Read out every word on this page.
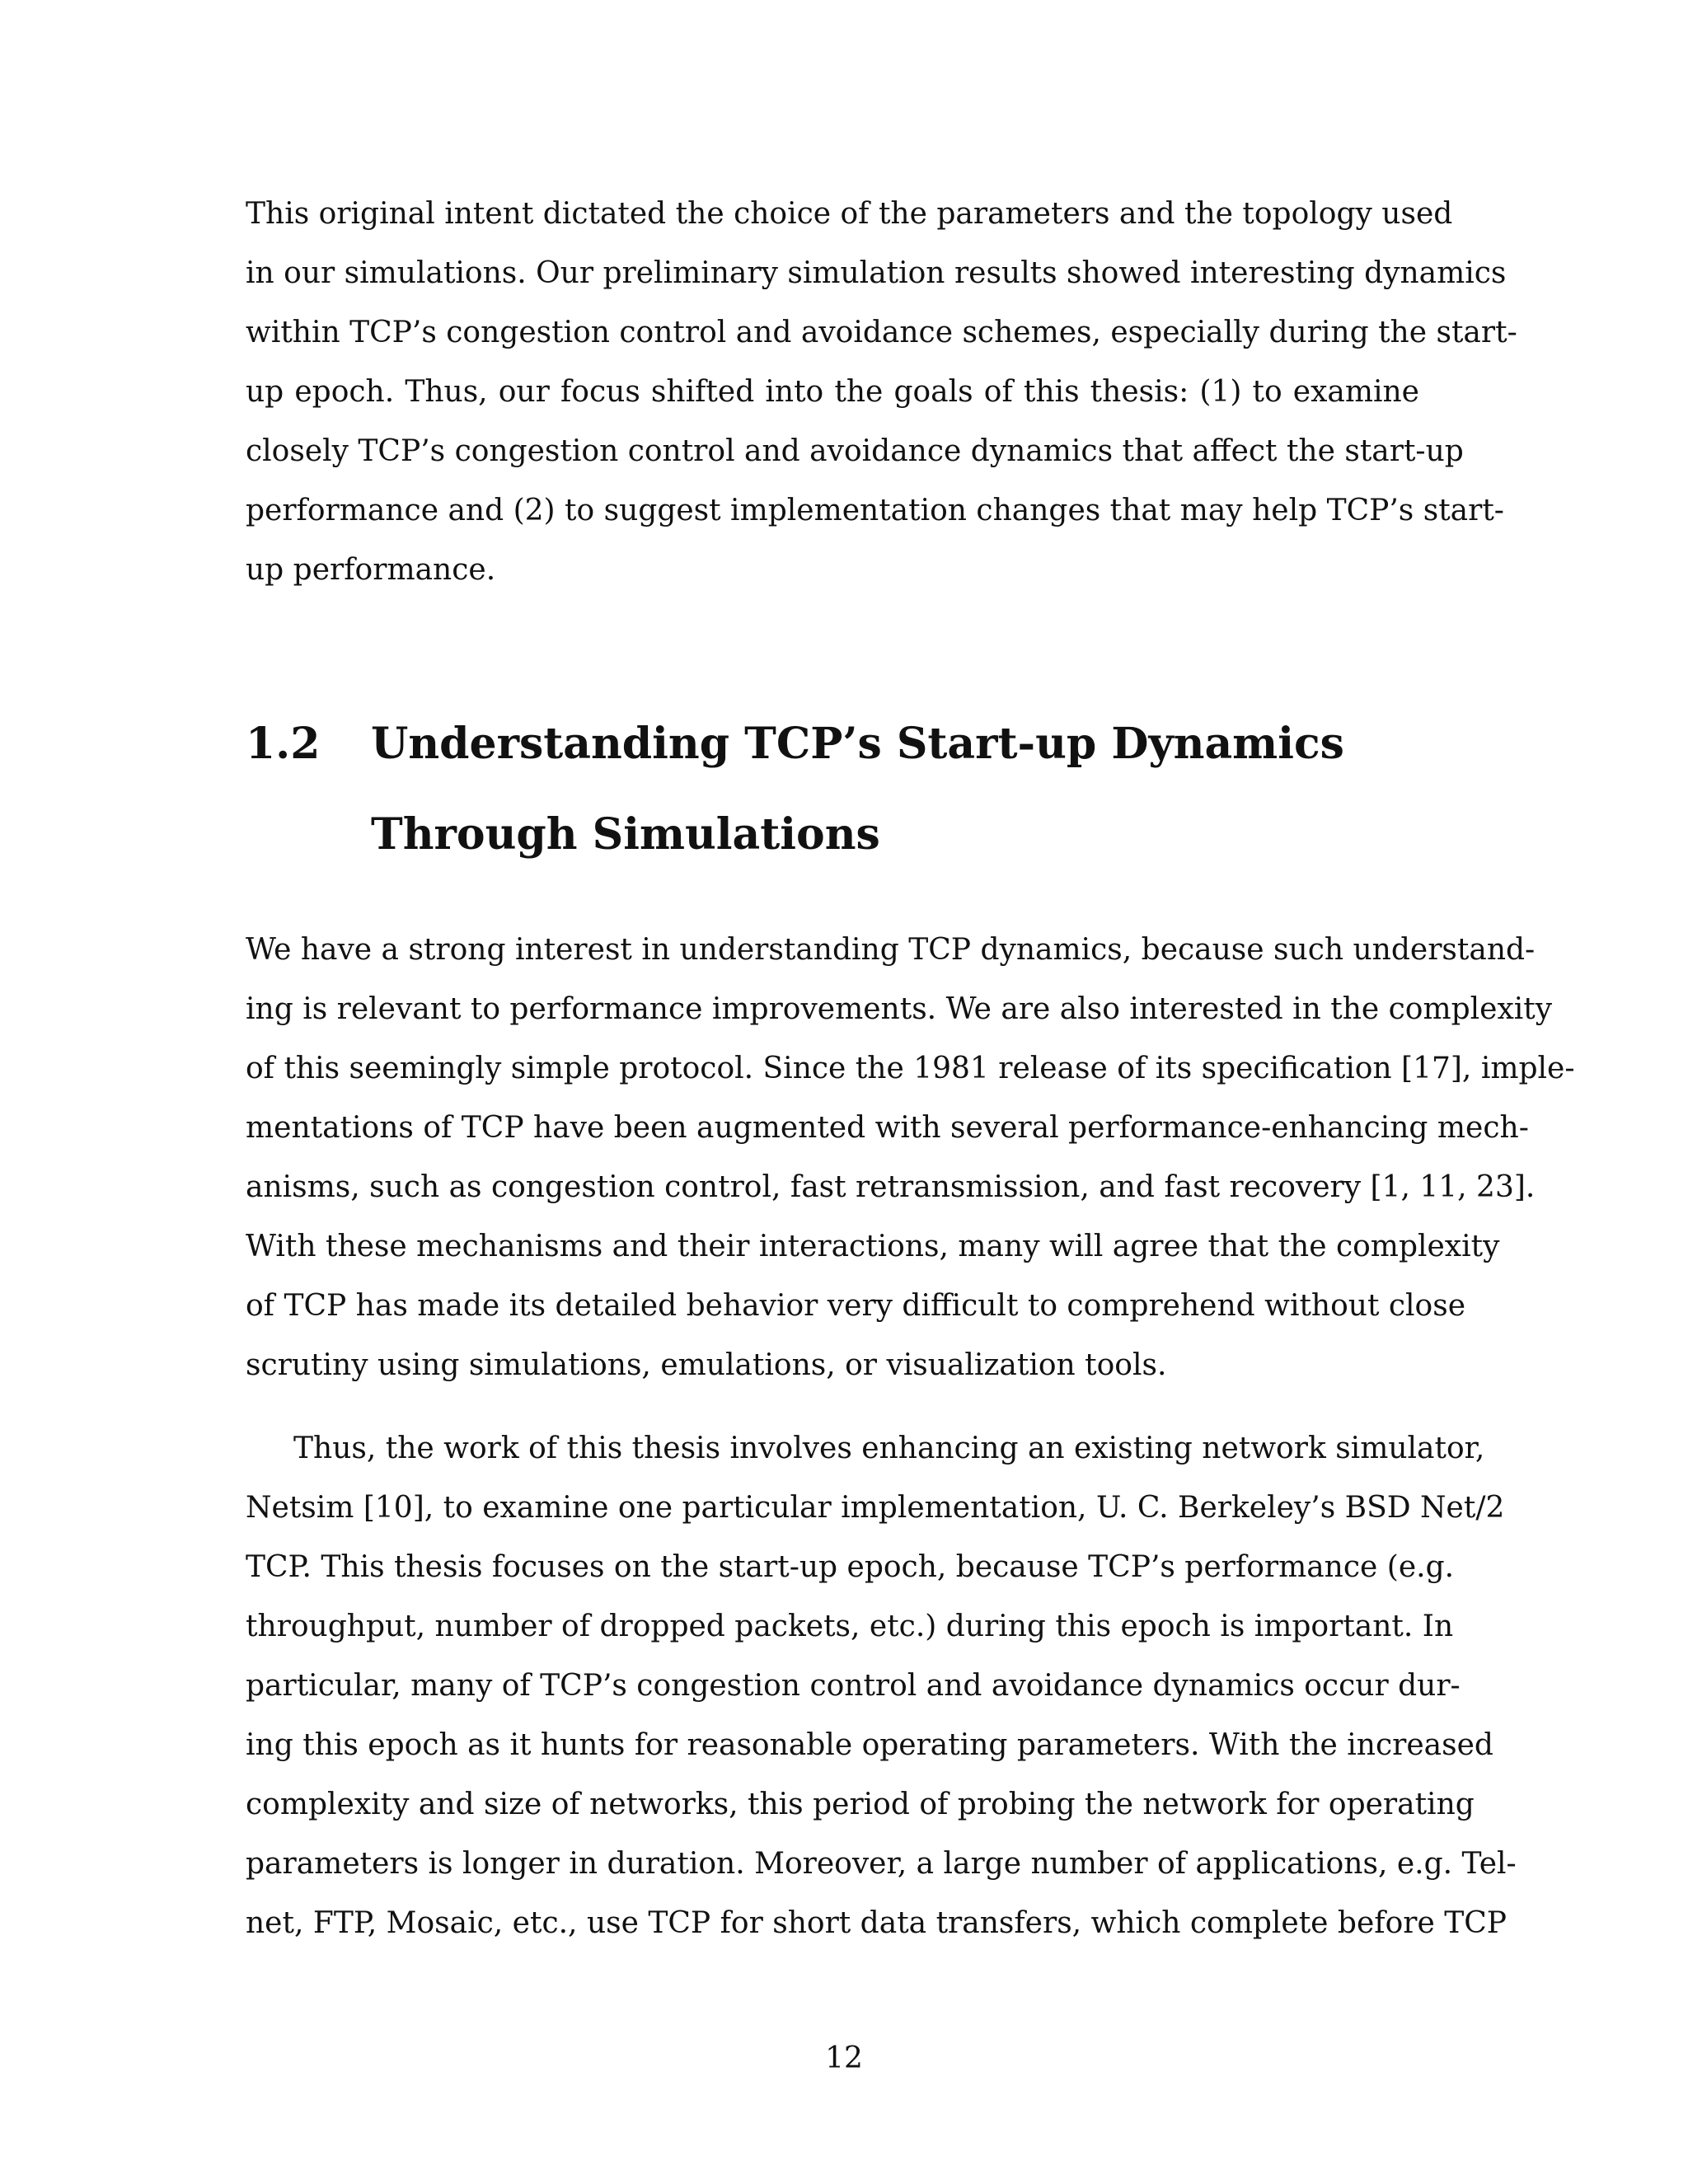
This original intent dictated the choice of the parameters and the topology used
in our simulations. Our preliminary simulation results showed interesting dynamics
within TCP’s congestion control and avoidance schemes, especially during the start-
up epoch. Thus, our focus shifted into the goals of this thesis: (1) to examine
closely TCP’s congestion control and avoidance dynamics that affect the start-up
performance and (2) to suggest implementation changes that may help TCP’s start-
up performance.
1.2	Understanding TCP’s Start-up Dynamics
Through Simulations
We have a strong interest in understanding TCP dynamics, because such understand-
ing is relevant to performance improvements. We are also interested in the complexity
of this seemingly simple protocol. Since the 1981 release of its specification [17], imple-
mentations of TCP have been augmented with several performance-enhancing mech-
anisms, such as congestion control, fast retransmission, and fast recovery [1, 11, 23].
With these mechanisms and their interactions, many will agree that the complexity
of TCP has made its detailed behavior very difficult to comprehend without close
scrutiny using simulations, emulations, or visualization tools.
Thus, the work of this thesis involves enhancing an existing network simulator,
Netsim [10], to examine one particular implementation, U. C. Berkeley’s BSD Net/2
TCP. This thesis focuses on the start-up epoch, because TCP’s performance (e.g.
throughput, number of dropped packets, etc.) during this epoch is important. In
particular, many of TCP’s congestion control and avoidance dynamics occur dur-
ing this epoch as it hunts for reasonable operating parameters. With the increased
complexity and size of networks, this period of probing the network for operating
parameters is longer in duration. Moreover, a large number of applications, e.g. Tel-
net, FTP, Mosaic, etc., use TCP for short data transfers, which complete before TCP
12
